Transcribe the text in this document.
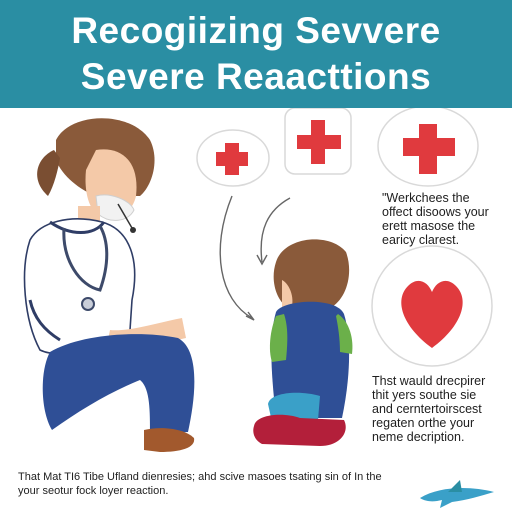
Recogiizing Sevvere
Severe Reaacttions
"Werkchees the
offect disoows your
erett masose the
earicy clarest.
Thst wauld drecpirer
thit yers southe sie
and cerntertoirscest
regaten orthe your
neme decription.
That Mat TI6 Tibe Ufland dienresies; ahd scive masoes tsating sin of In the
your seotur fock loyer reaction.
